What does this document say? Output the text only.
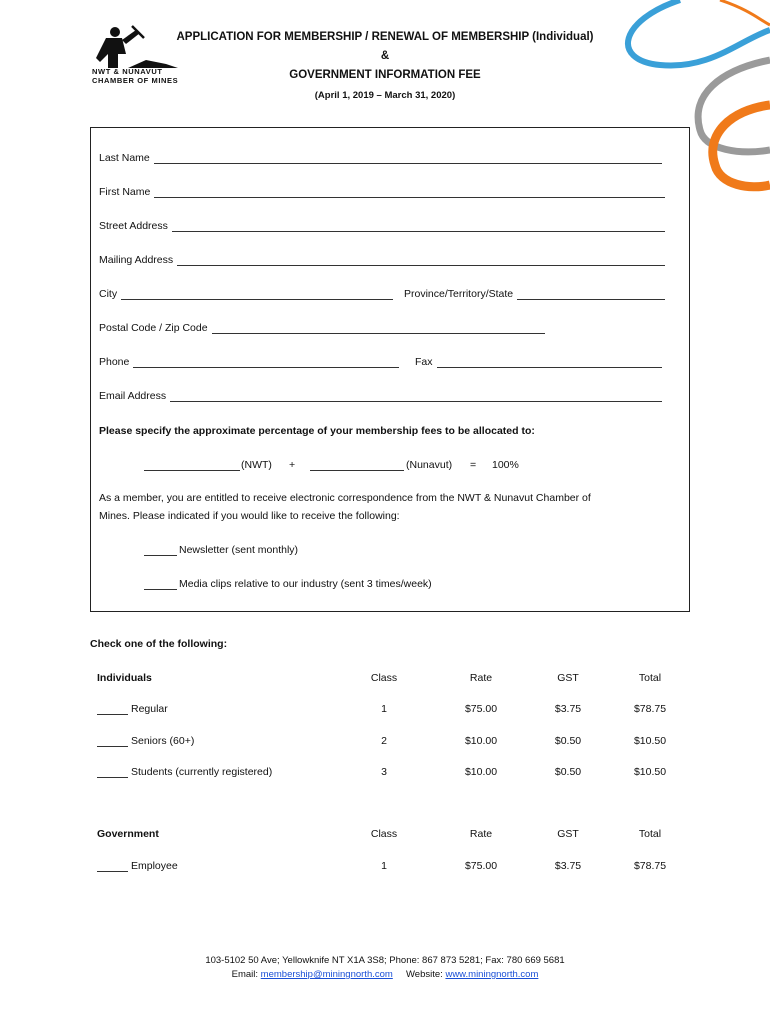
NWT & NUNAVUT
CHAMBER OF MINES
APPLICATION FOR MEMBERSHIP / RENEWAL OF MEMBERSHIP (Individual)
&
GOVERNMENT INFORMATION FEE
(April 1, 2019 – March 31, 2020)
Last Name
First Name
Street Address
Mailing Address
City	Province/Territory/State
Postal Code / Zip Code
Phone	Fax
Email Address
Please specify the approximate percentage of your membership fees to be allocated to:
(NWT) +	(Nunavut) = 100%
As a member, you are entitled to receive electronic correspondence from the NWT & Nunavut Chamber of
Mines. Please indicated if you would like to receive the following:
Newsletter (sent monthly)
Media clips relative to our industry (sent 3 times/week)
Check one of the following:
Individuals	Class	Rate	GST	Total
Regular	1	$75.00	$3.75	$78.75
Seniors (60+)	2	$10.00	$0.50	$10.50
Students (currently registered)	3	$10.00	$0.50	$10.50
Government	Class	Rate	GST	Total
Employee	1	$75.00	$3.75	$78.75
103-5102 50 Ave; Yellowknife NT X1A 3S8; Phone: 867 873 5281; Fax: 780 669 5681
Email: membership@miningnorth.com Website: www.miningnorth.com
